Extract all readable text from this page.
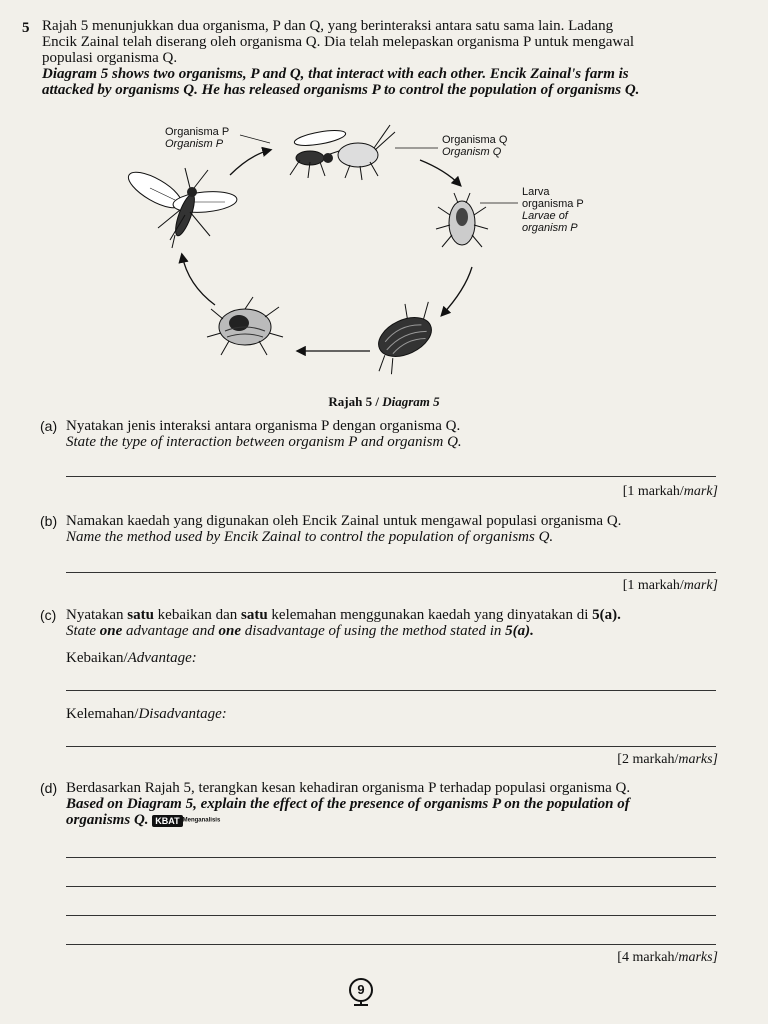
5 Rajah 5 menunjukkan dua organisma, P dan Q, yang berinteraksi antara satu sama lain. Ladang

Encik Zainal telah diserang oleh organisma Q. Dia telah melepaskan organisma P untuk mengawal

populasi organisma Q.

Diagram 5 shows two organisms, P and Q, that interact with each other. Encik Zainal's farm is

attacked by organisms Q. He has released organisms P to control the population of organisms Q.

Organisma P
Organism P	Organisma Q
Organism Q
Larva
organisma P
Larvae of
organism P
Rajah 5 / Diagram 5
(a) Nyatakan jenis interaksi antara organisma P dengan organisma Q.
State the type of interaction between organism P and organism Q.
[1 markah/mark]
(b) Namakan kaedah yang digunakan oleh Encik Zainal untuk mengawal populasi organisma Q.
Name the method used by Encik Zainal to control the population of organisms Q.
[1 markah/mark]
(c) Nyatakan satu kebaikan dan satu kelemahan menggunakan kaedah yang dinyatakan di 5(a).
State one advantage and one disadvantage of using the method stated in 5(a).
Kebaikan/Advantage:
Kelemahan/Disadvantage:
[2 markah/marks]
(d) Berdasarkan Rajah 5, terangkan kesan kehadiran organisma P terhadap populasi organisma Q.
Based on Diagram 5, explain the effect of the presence of organisms P on the population of
organisms Q. KBAT Menganalisis
[4 markah/marks]
9
